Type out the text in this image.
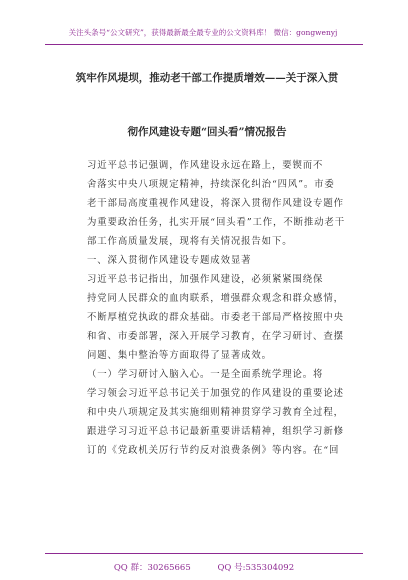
关注头条号“公文研究”，获得最新最全最专业的公文资料库！ 微信：gongwenyj
筑牢作风堤坝，推动老干部工作提质增效——关于深入贯
彻作风建设专题“回头看”情况报告
习近平总书记强调，作风建设永远在路上，要锲而不
舍落实中央八项规定精神，持续深化纠治“四风”。市委
老干部局高度重视作风建设，将深入贯彻作风建设专题作
为重要政治任务，扎实开展“回头看”工作，不断推动老干
部工作高质量发展，现将有关情况报告如下。
一、深入贯彻作风建设专题成效显著
习近平总书记指出，加强作风建设，必须紧紧围绕保
持党同人民群众的血肉联系，增强群众观念和群众感情，
不断厚植党执政的群众基础。市委老干部局严格按照中央
和省、市委部署，深入开展学习教育，在学习研讨、查摆
问题、集中整治等方面取得了显著成效。
（一）学习研讨入脑入心。一是全面系统学理论。将
学习领会习近平总书记关于加强党的作风建设的重要论述
和中央八项规定及其实施细则精神贯穿学习教育全过程，
跟进学习习近平总书记最新重要讲话精神，组织学习新修
订的《党政机关厉行节约反对浪费条例》等内容。在“回
QQ 群：30265665	QQ 号:535304092
